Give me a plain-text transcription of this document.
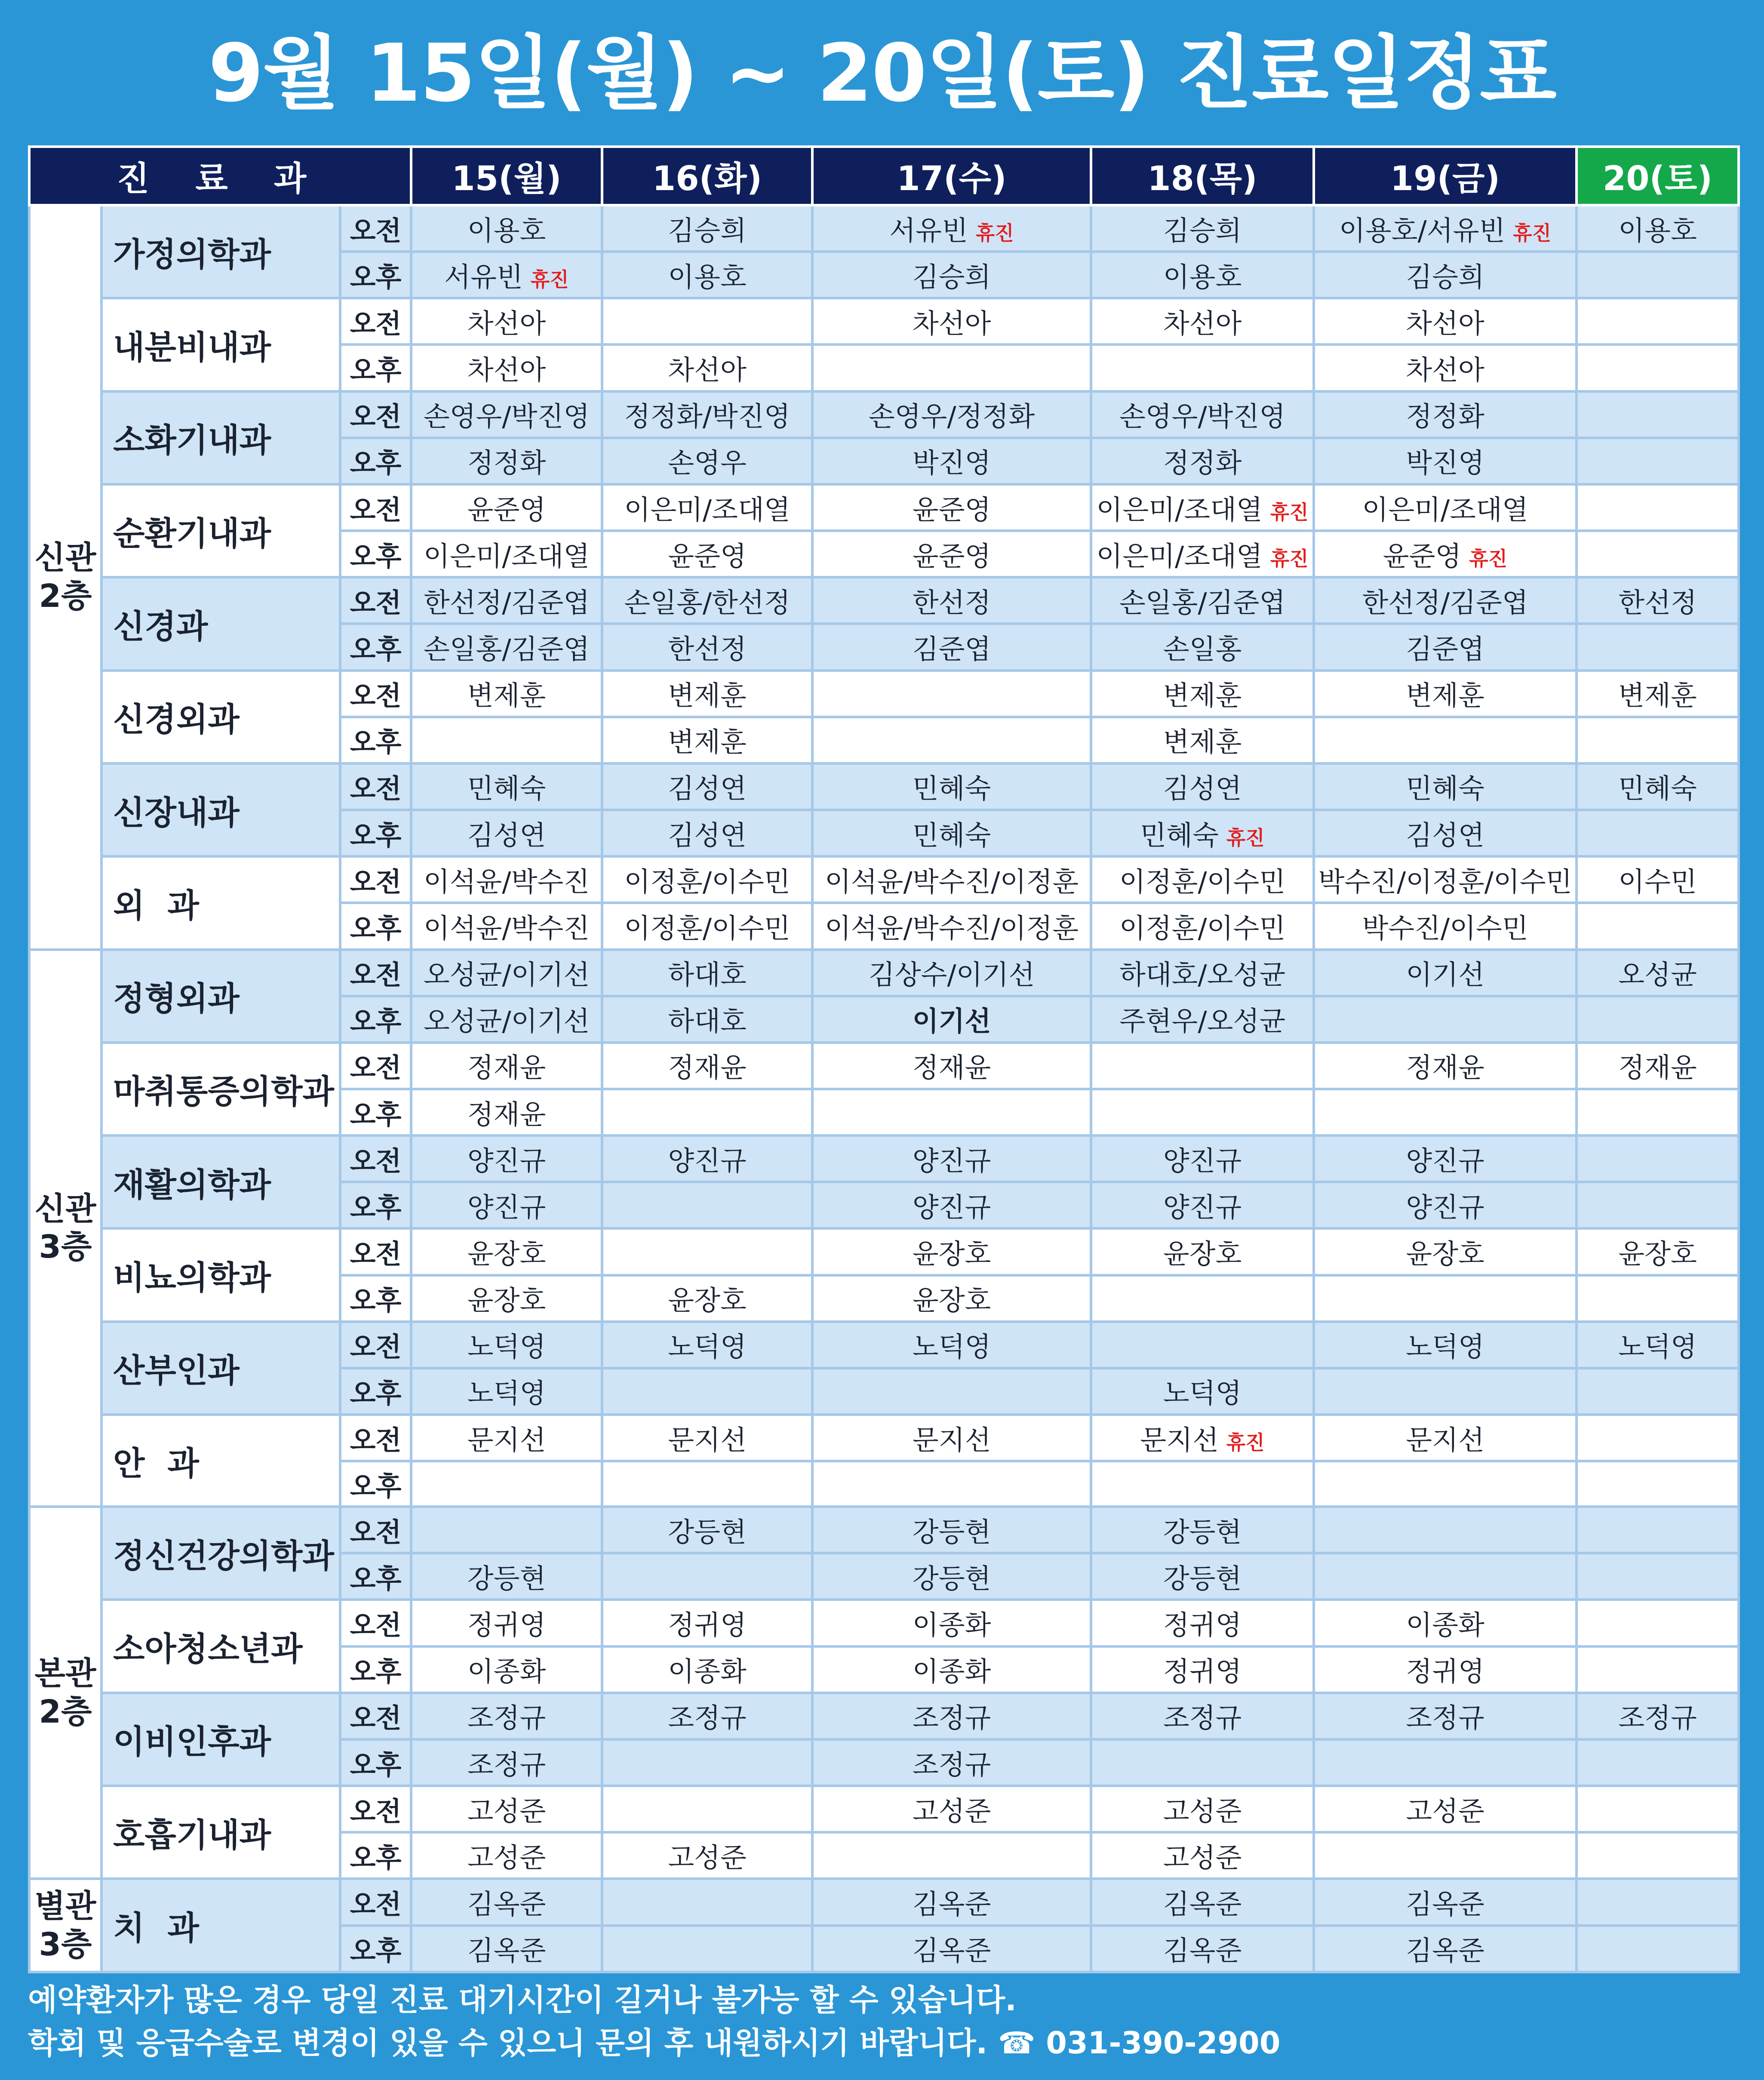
9월 15일(월) ~ 20일(토) 진료일정표
진 료 과			15(월)	16(화)	17(수)	18(목)	19(금)	20(토)

신관
2층	가정의학과	오전	이용호	김승희	서유빈 휴진	김승희	이용호/서유빈 휴진	이용호
		오후	서유빈 휴진	이용호	김승희	이용호	김승희	
	내분비내과	오전	차선아		차선아	차선아	차선아	
		오후	차선아	차선아			차선아	
	소화기내과	오전	손영우/박진영	정정화/박진영	손영우/정정화	손영우/박진영	정정화	
		오후	정정화	손영우	박진영	정정화	박진영	
	순환기내과	오전	윤준영	이은미/조대열	윤준영	이은미/조대열 휴진	이은미/조대열	
		오후	이은미/조대열	윤준영	윤준영	이은미/조대열 휴진	윤준영 휴진	
	신경과	오전	한선정/김준엽	손일홍/한선정	한선정	손일홍/김준엽	한선정/김준엽	한선정
		오후	손일홍/김준엽	한선정	김준엽	손일홍	김준엽	
	신경외과	오전	변제훈	변제훈		변제훈	변제훈	변제훈
		오후		변제훈		변제훈		
	신장내과	오전	민혜숙	김성연	민혜숙	김성연	민혜숙	민혜숙
		오후	김성연	김성연	민혜숙	민혜숙 휴진	김성연	
	외  과	오전	이석윤/박수진	이정훈/이수민	이석윤/박수진/이정훈	이정훈/이수민	박수진/이정훈/이수민	이수민
		오후	이석윤/박수진	이정훈/이수민	이석윤/박수진/이정훈	이정훈/이수민	박수진/이수민	

신관
3층	정형외과	오전	오성균/이기선	하대호	김상수/이기선	하대호/오성균	이기선	오성균
		오후	오성균/이기선	하대호	이기선	주현우/오성균		
	마취통증의학과	오전	정재윤	정재윤	정재윤		정재윤	정재윤
		오후	정재윤					
	재활의학과	오전	양진규	양진규	양진규	양진규	양진규	
		오후	양진규		양진규	양진규	양진규	
	비뇨의학과	오전	윤장호		윤장호	윤장호	윤장호	윤장호
		오후	윤장호	윤장호	윤장호			
	산부인과	오전	노덕영	노덕영	노덕영		노덕영	노덕영
		오후	노덕영			노덕영		
	안  과	오전	문지선	문지선	문지선	문지선 휴진	문지선	
		오후						

본관
2층	정신건강의학과	오전		강등현	강등현	강등현		
		오후	강등현		강등현	강등현		
	소아청소년과	오전	정귀영	정귀영	이종화	정귀영	이종화	
		오후	이종화	이종화	이종화	정귀영	정귀영	
	이비인후과	오전	조정규	조정규	조정규	조정규	조정규	조정규
		오후	조정규		조정규			
	호흡기내과	오전	고성준		고성준	고성준	고성준	
		오후	고성준	고성준		고성준		

별관
3층	치  과	오전	김옥준		김옥준	김옥준	김옥준	
		오후	김옥준		김옥준	김옥준	김옥준	
예약환자가 많은 경우 당일 진료 대기시간이 길거나 불가능 할 수 있습니다.
학회 및 응급수술로 변경이 있을 수 있으니 문의 후 내원하시기 바랍니다. ☎ 031-390-2900
